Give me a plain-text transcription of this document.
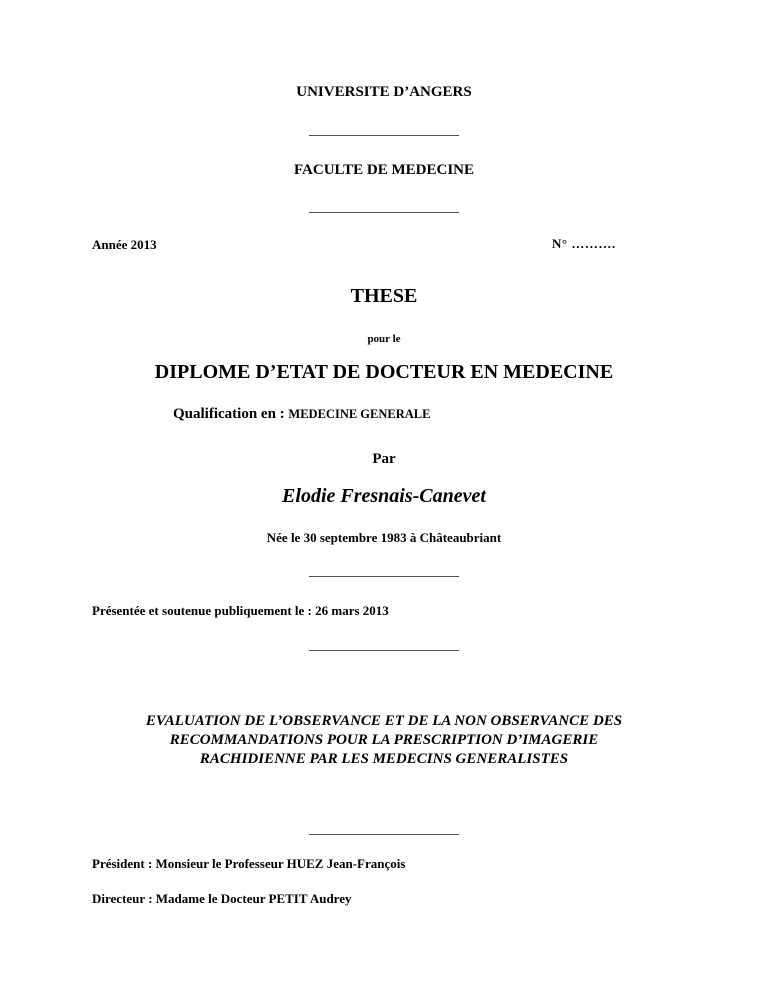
UNIVERSITE D’ANGERS
FACULTE DE MEDECINE
Année 2013	N° ……….
THESE
pour le
DIPLOME D’ETAT DE DOCTEUR EN MEDECINE
Qualification en : MEDECINE GENERALE
Par
Elodie Fresnais-Canevet
Née le 30 septembre 1983 à Châteaubriant
Présentée et soutenue publiquement le : 26 mars 2013
EVALUATION DE L’OBSERVANCE ET DE LA NON OBSERVANCE DES
RECOMMANDATIONS POUR LA PRESCRIPTION D’IMAGERIE
RACHIDIENNE PAR LES MEDECINS GENERALISTES
Président : Monsieur le Professeur HUEZ Jean-François
Directeur : Madame le Docteur PETIT Audrey
